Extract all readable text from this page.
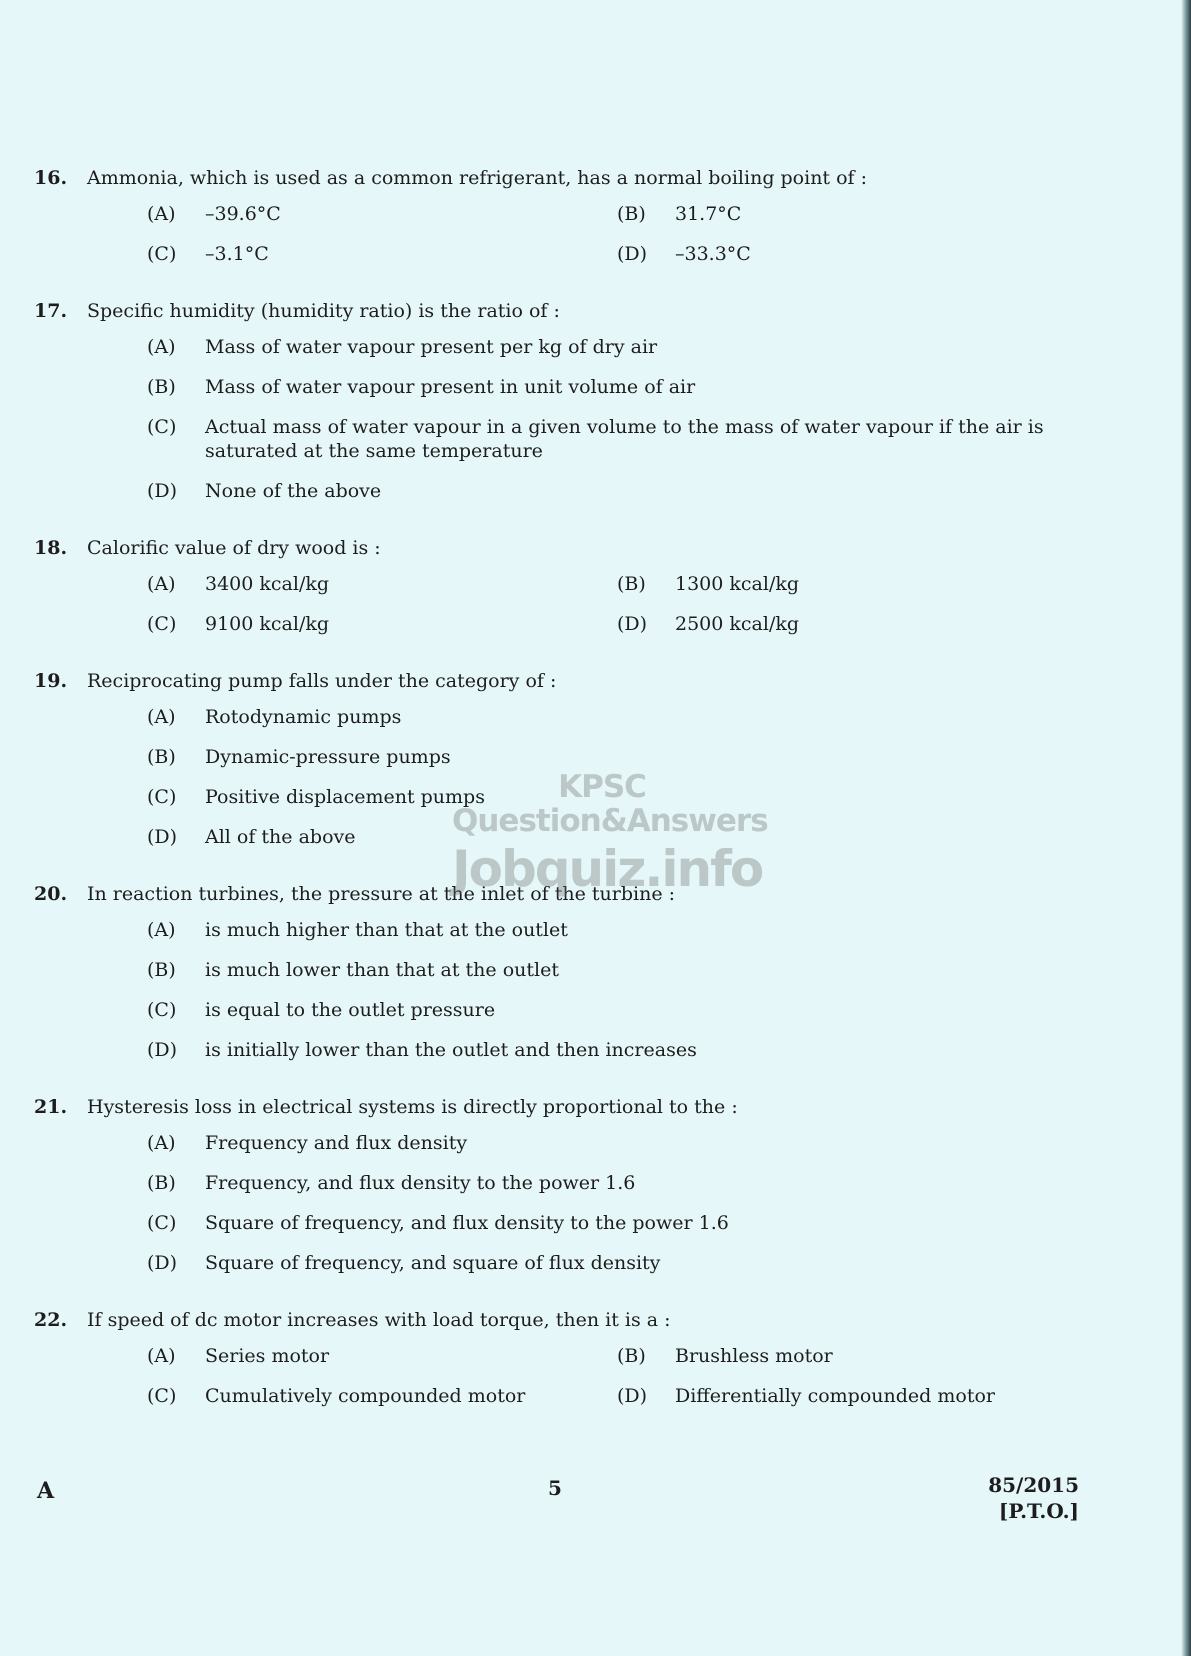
16.	Ammonia, which is used as a common refrigerant, has a normal boiling point of :
(A)	–39.6°C	(B)	31.7°C
(C)	–3.1°C	(D)	–33.3°C
17.	Specific humidity (humidity ratio) is the ratio of :
(A)	Mass of water vapour present per kg of dry air
(B)	Mass of water vapour present in unit volume of air
(C)	Actual mass of water vapour in a given volume to the mass of water vapour if the air is saturated at the same temperature
(D)	None of the above
18.	Calorific value of dry wood is :
(A)	3400 kcal/kg	(B)	1300 kcal/kg
(C)	9100 kcal/kg	(D)	2500 kcal/kg
19.	Reciprocating pump falls under the category of :
(A)	Rotodynamic pumps
(B)	Dynamic-pressure pumps
(C)	Positive displacement pumps
(D)	All of the above
20.	In reaction turbines, the pressure at the inlet of the turbine :
(A)	is much higher than that at the outlet
(B)	is much lower than that at the outlet
(C)	is equal to the outlet pressure
(D)	is initially lower than the outlet and then increases
21.	Hysteresis loss in electrical systems is directly proportional to the :
(A)	Frequency and flux density
(B)	Frequency, and flux density to the power 1.6
(C)	Square of frequency, and flux density to the power 1.6
(D)	Square of frequency, and square of flux density
22.	If speed of dc motor increases with load torque, then it is a :
(A)	Series motor	(B)	Brushless motor
(C)	Cumulatively compounded motor	(D)	Differentially compounded motor
KPSC Question&Answers
Jobquiz.info
A	5	85/2015
[P.T.O.]
